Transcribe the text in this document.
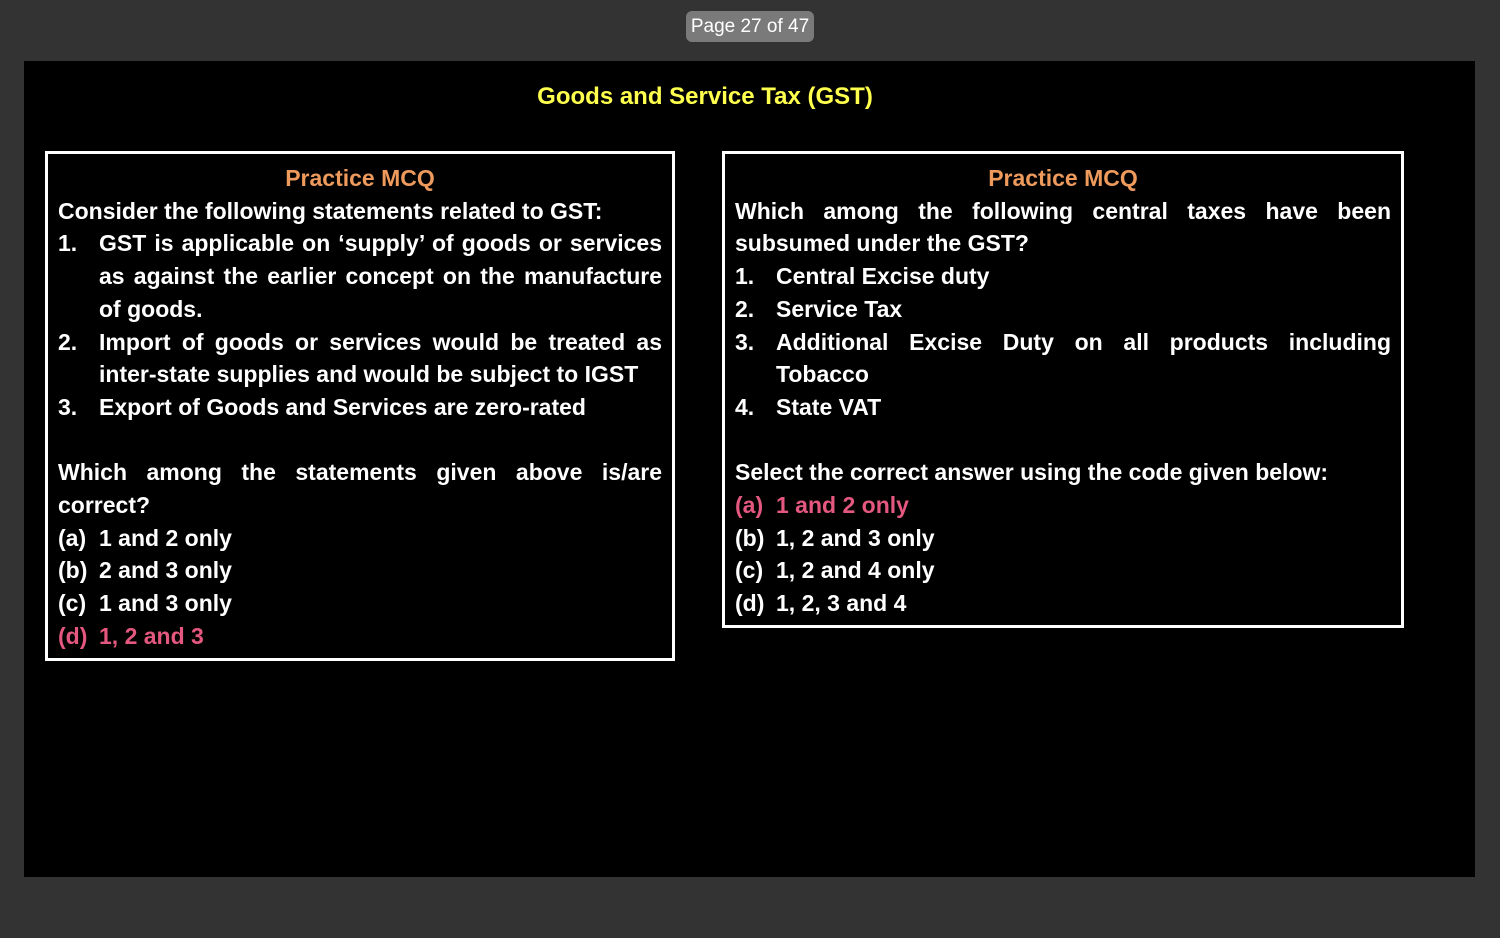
Page 27 of 47
Goods and Service Tax (GST)
Practice MCQ
Consider the following statements related to GST:
1. GST is applicable on ‘supply’ of goods or services as against the earlier concept on the manufacture of goods.
2. Import of goods or services would be treated as inter-state supplies and would be subject to IGST
3. Export of Goods and Services are zero-rated
Which among the statements given above is/are
correct?
(a) 1 and 2 only
(b) 2 and 3 only
(c) 1 and 3 only
(d) 1, 2 and 3
Practice MCQ
Which among the following central taxes have been
subsumed under the GST?
1. Central Excise duty
2. Service Tax
3. Additional Excise Duty on all products including Tobacco
4. State VAT
Select the correct answer using the code given below:
(a) 1 and 2 only
(b) 1, 2 and 3 only
(c) 1, 2 and 4 only
(d) 1, 2, 3 and 4
